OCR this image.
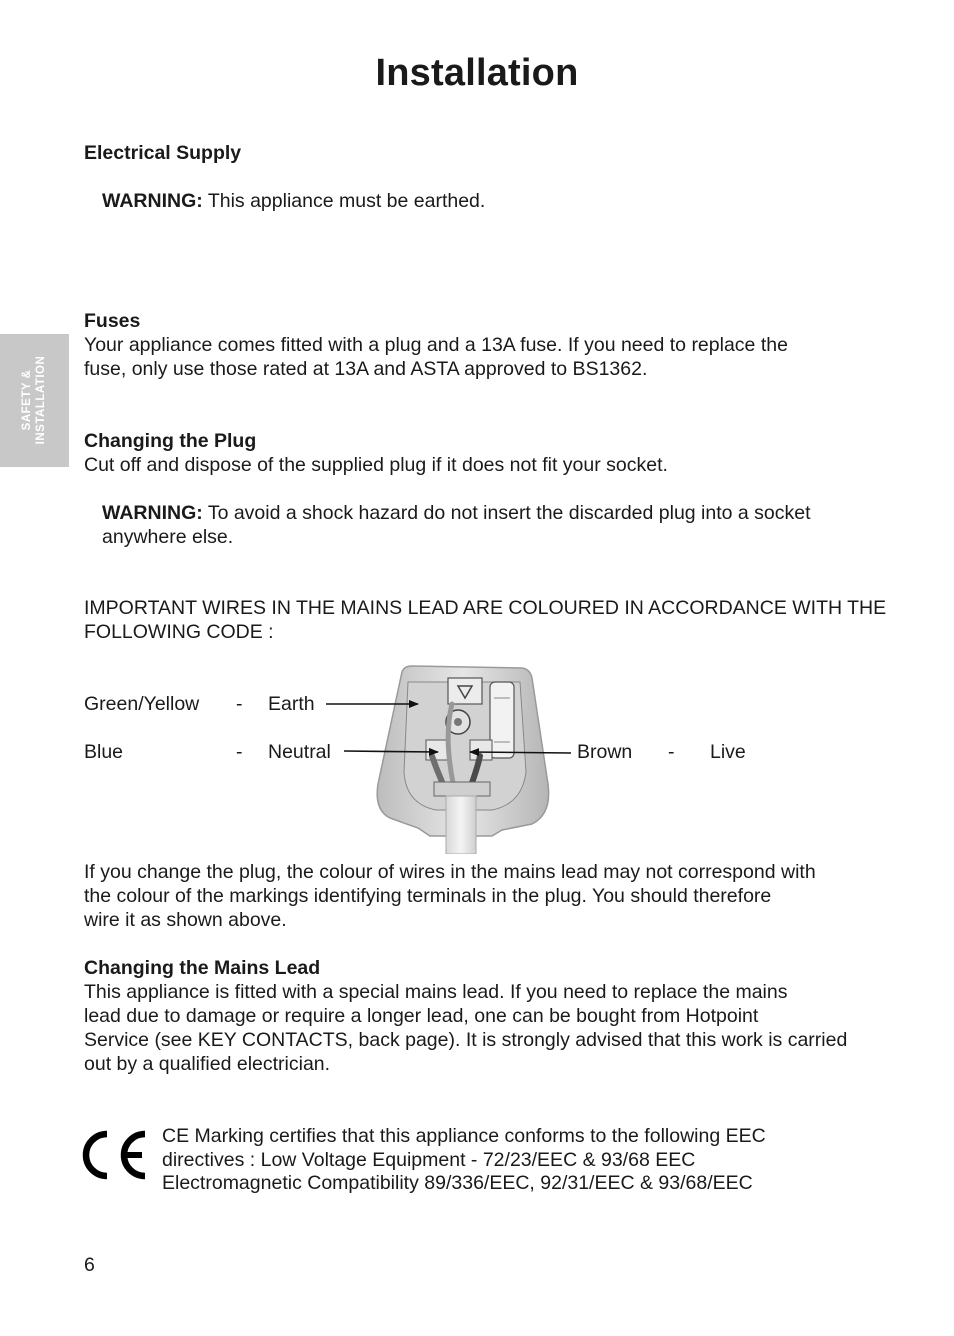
Installation
SAFETY & INSTALLATION
Electrical Supply
WARNING: This appliance must be earthed.
Fuses
Your appliance comes fitted with a plug and a 13A fuse. If you need to replace the
fuse, only use those rated at 13A and ASTA approved to BS1362.
Changing the Plug
Cut off and dispose of the supplied plug if it does not fit your socket.
WARNING: To avoid a shock hazard do not insert the discarded plug into a socket
anywhere else.
IMPORTANT WIRES IN THE MAINS LEAD ARE COLOURED IN ACCORDANCE WITH THE
FOLLOWING CODE :
Green/Yellow - Earth
Blue	- Neutral	Brown - Live
If you change the plug, the colour of wires in the mains lead may not correspond with
the colour of the markings identifying terminals in the plug. You should therefore
wire it as shown above.
Changing the Mains Lead
This appliance is fitted with a special mains lead. If you need to replace the mains
lead due to damage or require a longer lead, one can be bought from Hotpoint
Service (see KEY CONTACTS, back page). It is strongly advised that this work is carried
out by a qualified electrician.
CE Marking certifies that this appliance conforms to the following EEC
directives : Low Voltage Equipment - 72/23/EEC & 93/68 EEC
Electromagnetic Compatibility 89/336/EEC, 92/31/EEC & 93/68/EEC
6
